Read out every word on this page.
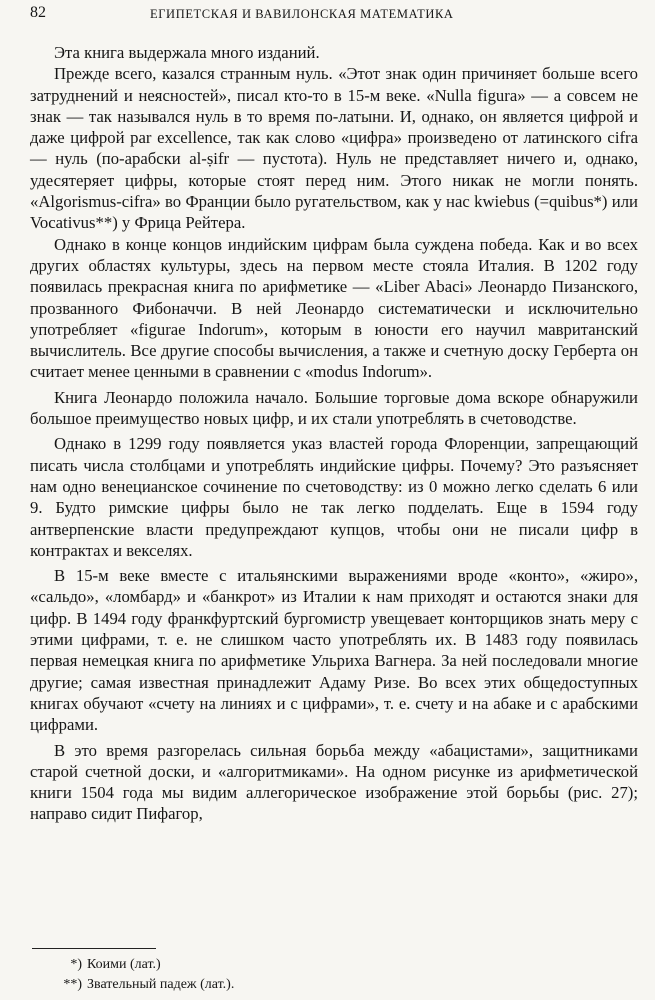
82	ЕГИПЕТСКАЯ И ВАВИЛОНСКАЯ МАТЕМАТИКА

Эта книга выдержала много изданий.

Прежде всего, казался странным нуль. «Этот знак один причиняет больше всего затруднений и неясностей», писал кто-то в 15-м веке. «Nulla figura» — а совсем не знак — так назывался нуль в то время по-латыни. И, однако, он является цифрой и даже цифрой par excellence, так как слово «цифра» произведено от латинского cifra — нуль (по-арабски al-ṣifr — пустота). Нуль не представляет ничего и, однако, удесятеряет цифры, которые стоят перед ним. Этого никак не могли понять. «Algorismus-cifra» во Франции было ругательством, как у нас kwiebus (=quibus*) или Vocativus**) у Фрица Рейтера.

Однако в конце концов индийским цифрам была суждена победа. Как и во всех других областях культуры, здесь на первом месте стояла Италия. В 1202 году появилась прекрасная книга по арифметике — «Liber Abaci» Леонардо Пизанского, прозванного Фибоначчи. В ней Леонардо систематически и исключительно употребляет «figurae Indorum», которым в юности его научил мавританский вычислитель. Все другие способы вычисления, а также и счетную доску Герберта он считает менее ценными в сравнении с «modus Indorum».

Книга Леонардо положила начало. Большие торговые дома вскоре обнаружили большое преимущество новых цифр, и их стали употреблять в счетоводстве.

Однако в 1299 году появляется указ властей города Флоренции, запрещающий писать числа столбцами и употреблять индийские цифры. Почему? Это разъясняет нам одно венецианское сочинение по счетоводству: из 0 можно легко сделать 6 или 9. Будто римские цифры было не так легко подделать. Еще в 1594 году антверпенские власти предупреждают купцов, чтобы они не писали цифр в контрактах и векселях.

В 15-м веке вместе с итальянскими выражениями вроде «конто», «жиро», «сальдо», «ломбард» и «банкрот» из Италии к нам приходят и остаются знаки для цифр. В 1494 году франкфуртский бургомистр увещевает конторщиков знать меру с этими цифрами, т. е. не слишком часто употреблять их. В 1483 году появилась первая немецкая книга по арифметике Ульриха Вагнера. За ней последовали многие другие; самая известная принадлежит Адаму Ризе. Во всех этих общедоступных книгах обучают «счету на линиях и с цифрами», т. е. счету и на абаке и с арабскими цифрами.

В это время разгорелась сильная борьба между «абацистами», защитниками старой счетной доски, и «алгоритмиками». На одном рисунке из арифметической книги 1504 года мы видим аллегорическое изображение этой борьбы (рис. 27); направо сидит Пифагор,

*) Коими (лат.)
**) Звательный падеж (лат.).
